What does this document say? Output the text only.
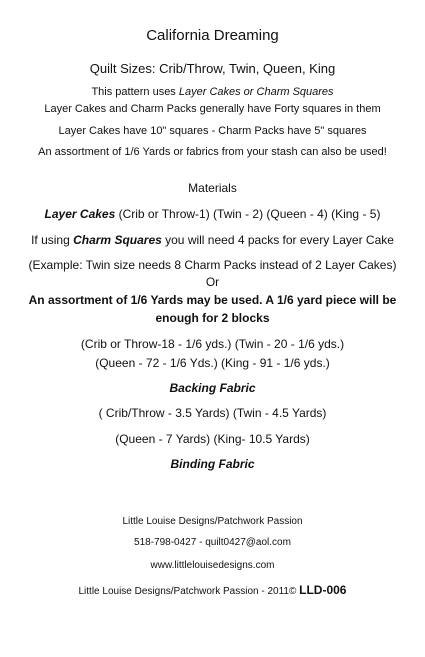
California Dreaming
Quilt Sizes: Crib/Throw, Twin, Queen, King
This pattern uses Layer Cakes or Charm Squares
Layer Cakes and Charm Packs generally have Forty squares in them
Layer Cakes have 10" squares - Charm Packs have 5" squares
An assortment of 1/6 Yards or fabrics from your stash can also be used!
Materials
Layer Cakes (Crib or Throw-1) (Twin - 2) (Queen - 4) (King - 5)
If using Charm Squares you will need 4 packs for every Layer Cake
(Example: Twin size needs 8 Charm Packs instead of 2 Layer Cakes)
Or
An assortment of 1/6 Yards may be used. A 1/6 yard piece will be
enough for 2 blocks
(Crib or Throw-18 - 1/6 yds.) (Twin - 20 - 1/6 yds.)
(Queen - 72 - 1/6 Yds.) (King - 91 - 1/6 yds.)
Backing Fabric
( Crib/Throw - 3.5 Yards) (Twin - 4.5 Yards)
(Queen - 7 Yards) (King- 10.5 Yards)
Binding Fabric
Little Louise Designs/Patchwork Passion
518-798-0427 - quilt0427@aol.com
www.littlelouisedesigns.com
Little Louise Designs/Patchwork Passion - 2011© LLD-006
